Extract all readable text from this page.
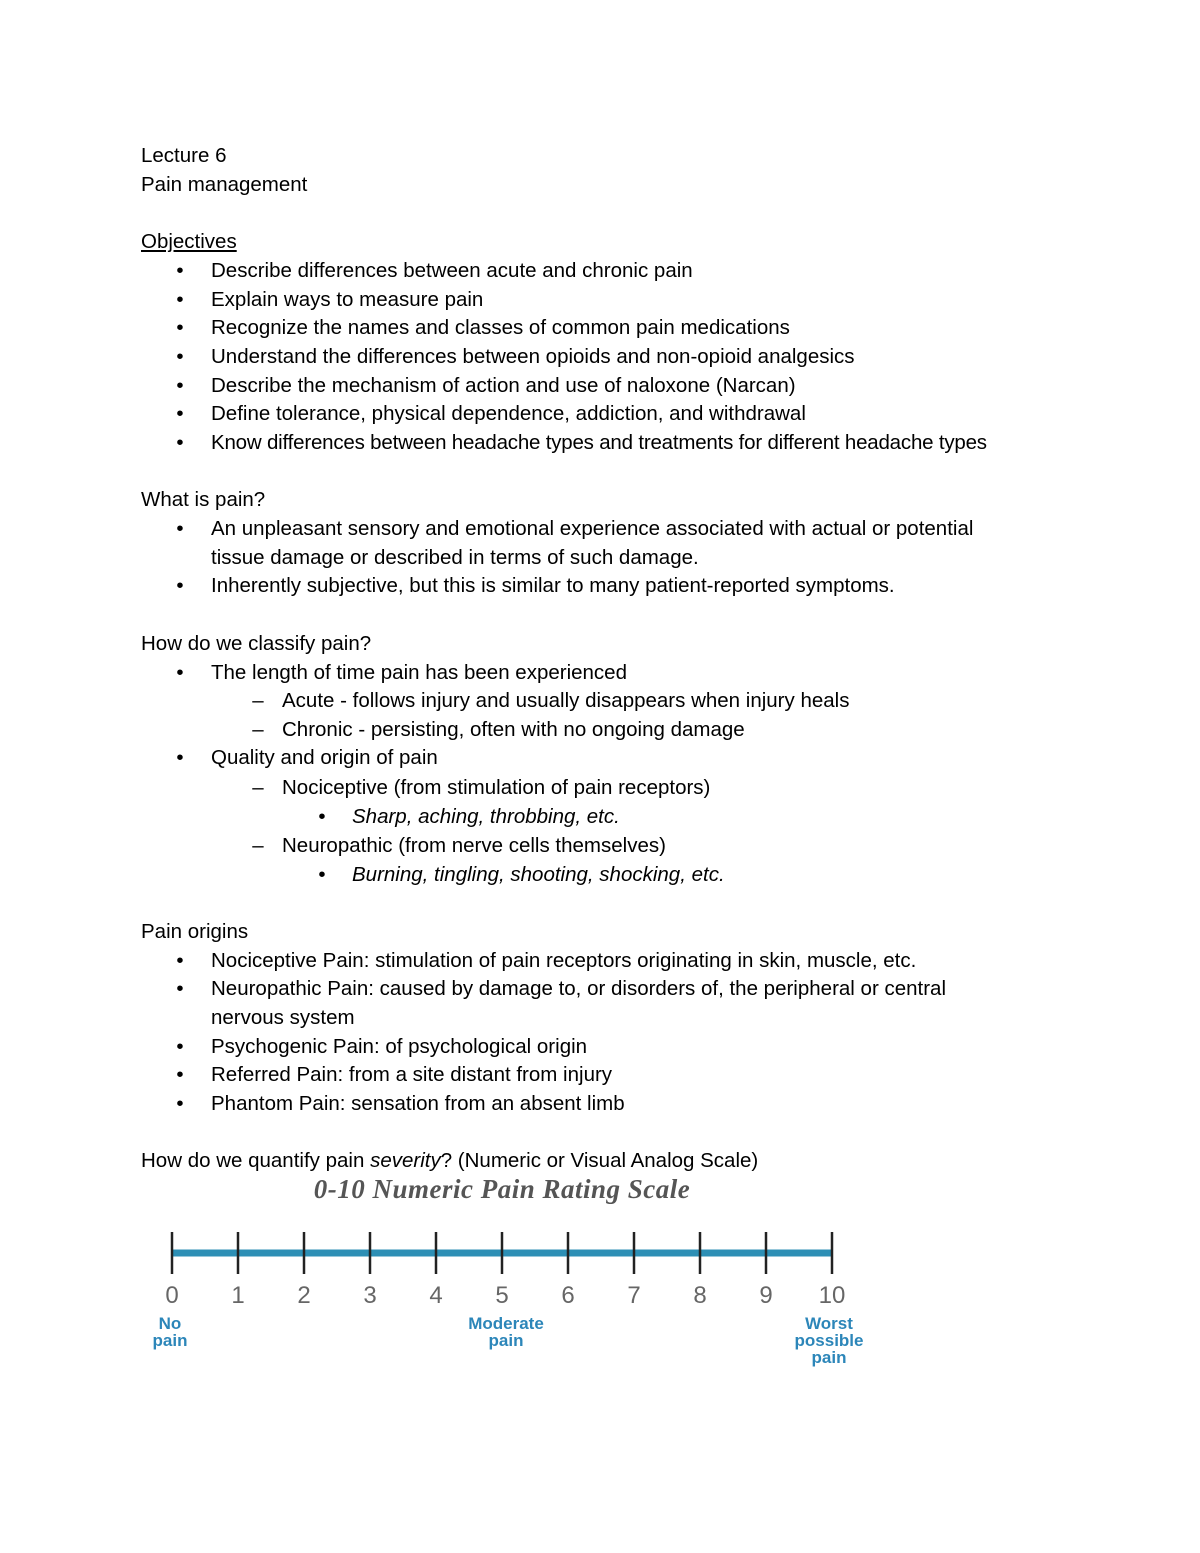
Lecture 6
Pain management
Objectives
•	Describe differences between acute and chronic pain
•	Explain ways to measure pain
•	Recognize the names and classes of common pain medications
•	Understand the differences between opioids and non-opioid analgesics
•	Describe the mechanism of action and use of naloxone (Narcan)
•	Define tolerance, physical dependence, addiction, and withdrawal
•	Know differences between headache types and treatments for different headache types
What is pain?
•	An unpleasant sensory and emotional experience associated with actual or potential
tissue damage or described in terms of such damage.
•	Inherently subjective, but this is similar to many patient-reported symptoms.
How do we classify pain?
•	The length of time pain has been experienced
– Acute - follows injury and usually disappears when injury heals
– Chronic - persisting, often with no ongoing damage
•	Quality and origin of pain
– Nociceptive (from stimulation of pain receptors)
•	Sharp, aching, throbbing, etc.
– Neuropathic (from nerve cells themselves)
•	Burning, tingling, shooting, shocking, etc.
Pain origins
•	Nociceptive Pain: stimulation of pain receptors originating in skin, muscle, etc.
•	Neuropathic Pain: caused by damage to, or disorders of, the peripheral or central
nervous system
•	Psychogenic Pain: of psychological origin
•	Referred Pain: from a site distant from injury
•	Phantom Pain: sensation from an absent limb
How do we quantify pain severity? (Numeric or Visual Analog Scale)
0-10 Numeric Pain Rating Scale
0 1 2 3 4 5 6 7 8 9 10
No
pain
Moderate
pain
Worst
possible
pain
